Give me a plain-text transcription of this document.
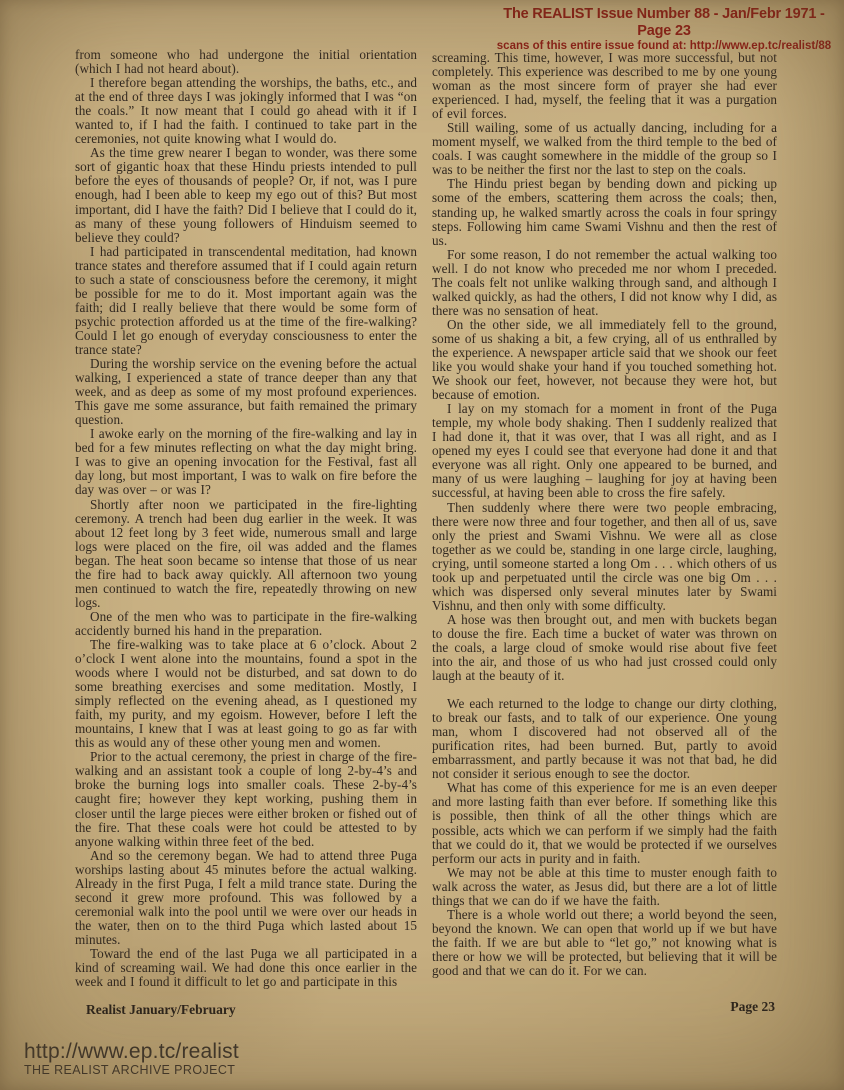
The REALIST Issue Number 88 - Jan/Febr 1971 - Page 23
scans of this entire issue found at: http://www.ep.tc/realist/88

from someone who had undergone the initial orientation (which I had not heard about).

I therefore began attending the worships, the baths, etc., and at the end of three days I was jokingly informed that I was “on the coals.” It now meant that I could go ahead with it if I wanted to, if I had the faith. I continued to take part in the ceremonies, not quite knowing what I would do.

As the time grew nearer I began to wonder, was there some sort of gigantic hoax that these Hindu priests intended to pull before the eyes of thousands of people? Or, if not, was I pure enough, had I been able to keep my ego out of this? But most important, did I have the faith? Did I believe that I could do it, as many of these young followers of Hinduism seemed to believe they could?

I had participated in transcendental meditation, had known trance states and therefore assumed that if I could again return to such a state of consciousness before the ceremony, it might be possible for me to do it. Most important again was the faith; did I really believe that there would be some form of psychic protection afforded us at the time of the fire-walking? Could I let go enough of everyday consciousness to enter the trance state?

During the worship service on the evening before the actual walking, I experienced a state of trance deeper than any that week, and as deep as some of my most profound experiences. This gave me some assurance, but faith remained the primary question.

I awoke early on the morning of the fire-walking and lay in bed for a few minutes reflecting on what the day might bring. I was to give an opening invocation for the Festival, fast all day long, but most important, I was to walk on fire before the day was over – or was I?

Shortly after noon we participated in the fire-lighting ceremony. A trench had been dug earlier in the week. It was about 12 feet long by 3 feet wide, numerous small and large logs were placed on the fire, oil was added and the flames began. The heat soon became so intense that those of us near the fire had to back away quickly. All afternoon two young men continued to watch the fire, repeatedly throwing on new logs.

One of the men who was to participate in the fire-walking accidently burned his hand in the preparation.

The fire-walking was to take place at 6 o’clock. About 2 o’clock I went alone into the mountains, found a spot in the woods where I would not be disturbed, and sat down to do some breathing exercises and some meditation. Mostly, I simply reflected on the evening ahead, as I questioned my faith, my purity, and my egoism. However, before I left the mountains, I knew that I was at least going to go as far with this as would any of these other young men and women.

Prior to the actual ceremony, the priest in charge of the fire-walking and an assistant took a couple of long 2-by-4’s and broke the burning logs into smaller coals. These 2-by-4’s caught fire; however they kept working, pushing them in closer until the large pieces were either broken or fished out of the fire. That these coals were hot could be attested to by anyone walking within three feet of the bed.

And so the ceremony began. We had to attend three Puga worships lasting about 45 minutes before the actual walking. Already in the first Puga, I felt a mild trance state. During the second it grew more profound. This was followed by a ceremonial walk into the pool until we were over our heads in the water, then on to the third Puga which lasted about 15 minutes.

Toward the end of the last Puga we all participated in a kind of screaming wail. We had done this once earlier in the week and I found it difficult to let go and participate in this

screaming. This time, however, I was more successful, but not completely. This experience was described to me by one young woman as the most sincere form of prayer she had ever experienced. I had, myself, the feeling that it was a purgation of evil forces.

Still wailing, some of us actually dancing, including for a moment myself, we walked from the third temple to the bed of coals. I was caught somewhere in the middle of the group so I was to be neither the first nor the last to step on the coals.

The Hindu priest began by bending down and picking up some of the embers, scattering them across the coals; then, standing up, he walked smartly across the coals in four springy steps. Following him came Swami Vishnu and then the rest of us.

For some reason, I do not remember the actual walking too well. I do not know who preceded me nor whom I preceded. The coals felt not unlike walking through sand, and although I walked quickly, as had the others, I did not know why I did, as there was no sensation of heat.

On the other side, we all immediately fell to the ground, some of us shaking a bit, a few crying, all of us enthralled by the experience. A newspaper article said that we shook our feet like you would shake your hand if you touched something hot. We shook our feet, however, not because they were hot, but because of emotion.

I lay on my stomach for a moment in front of the Puga temple, my whole body shaking. Then I suddenly realized that I had done it, that it was over, that I was all right, and as I opened my eyes I could see that everyone had done it and that everyone was all right. Only one appeared to be burned, and many of us were laughing – laughing for joy at having been successful, at having been able to cross the fire safely.

Then suddenly where there were two people embracing, there were now three and four together, and then all of us, save only the priest and Swami Vishnu. We were all as close together as we could be, standing in one large circle, laughing, crying, until someone started a long Om . . . which others of us took up and perpetuated until the circle was one big Om . . . which was dispersed only several minutes later by Swami Vishnu, and then only with some difficulty.

A hose was then brought out, and men with buckets began to douse the fire. Each time a bucket of water was thrown on the coals, a large cloud of smoke would rise about five feet into the air, and those of us who had just crossed could only laugh at the beauty of it.

We each returned to the lodge to change our dirty clothing, to break our fasts, and to talk of our experience. One young man, whom I discovered had not observed all of the purification rites, had been burned. But, partly to avoid embarrassment, and partly because it was not that bad, he did not consider it serious enough to see the doctor.

What has come of this experience for me is an even deeper and more lasting faith than ever before. If something like this is possible, then think of all the other things which are possible, acts which we can perform if we simply had the faith that we could do it, that we would be protected if we ourselves perform our acts in purity and in faith.

We may not be able at this time to muster enough faith to walk across the water, as Jesus did, but there are a lot of little things that we can do if we have the faith.

There is a whole world out there; a world beyond the seen, beyond the known. We can open that world up if we but have the faith. If we are but able to “let go,” not knowing what is there or how we will be protected, but believing that it will be good and that we can do it. For we can.

Realist January/February	Page 23
http://www.ep.tc/realist
THE REALIST ARCHIVE PROJECT
